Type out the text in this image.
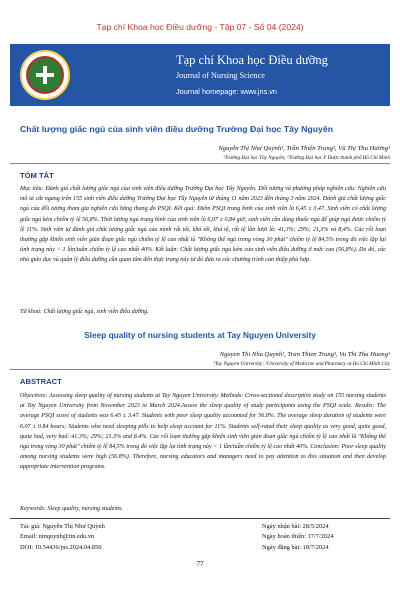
Tạp chí Khoa học Điều dưỡng - Tập 07 - Số 04 (2024)
Tạp chí Khoa học Điều dưỡng
Journal of Nursing Science
Journal homepage: www.jns.vn
Chất lượng giấc ngủ của sinh viên điều dưỡng Trường Đại học Tây Nguyên
Nguyễn Thị Như Quỳnh¹, Trần Thiện Trung², Vũ Thị Thu Hương¹
¹Trường Đại học Tây Nguyên; ²Trường Đại học Y Dược thành phố Hồ Chí Minh
TÓM TẮT
Mục tiêu: Đánh giá chất lượng giấc ngủ của sinh viên điều dưỡng Trường Đại học Tây Nguyên. Đối tượng và phương pháp nghiên cứu: Nghiên cứu mô tả cắt ngang trên 155 sinh viên điều dưỡng Trường Đại học Tây Nguyên từ tháng 11 năm 2023 đến tháng 3 năm 2024. Đánh giá chất lượng giấc ngủ của đối tượng tham gia nghiên cứu bằng thang đo PSQI. Kết quả: Điểm PSQI trung bình của sinh viên là 6,45 ± 3,47. Sinh viên có chất lượng giấc ngủ kém chiếm tỷ lệ 56,8%. Thời lượng ngủ trung bình của sinh viên là 6,07 ± 0,84 giờ; sinh viên cần dùng thuốc ngủ để giúp ngủ được chiếm tỷ lệ 11%. Sinh viên tự đánh giá chất lượng giấc ngủ của mình rất tốt, khá tốt, khá tệ, rất tệ lần lượt là: 41,3%; 29%; 21,3% và 8,4%. Các rối loạn thường gặp khiến sinh viên gián đoạn giấc ngủ chiếm tỷ lệ cao nhất là "Không thể ngủ trong vòng 30 phút" chiếm tỷ lệ 84,5% trong đó việc lặp lại tình trạng này < 1 lần/tuần chiếm tỷ lệ cao nhất 40%. Kết luận: Chất lượng giấc ngủ kém của sinh viên điều dưỡng ở mức cao (56,8%). Do đó, các nhà giáo dục và quản lý điều dưỡng cần quan tâm đến thực trạng này từ đó đưa ra các chương trình can thiệp phù hợp.
Từ khoá: Chất lượng giấc ngủ, sinh viên điều dưỡng.
Sleep quality of nursing students at Tay Nguyen University
Nguyen Thi Nhu Quynh¹, Tran Thien Trung², Vu Thi Thu Huong¹
¹Tay Nguyen University; ²University of Medicine and Pharmacy at Ho Chi Minh City
ABSTRACT
Objectives: Assessing sleep quality of nursing students at Tay Nguyen University. Methods: Cross-sectional descriptive study on 155 nursing students at Tay Nguyen University from November 2023 to March 2024.Assess the sleep quality of study participants using the PSQI scale. Results: The average PSQI score of students was 6.45 ± 3.47. Students with poor sleep quality accounted for 56.8%. The average sleep duration of students were 6.07 ± 0.84 hours; Students who need sleeping pills to help sleep account for 11%. Students self-rated their sleep quality as very good, quite good, quite bad, very bad: 41.3%; 29%; 21.3% and 8.4%. Các rối loạn thường gặp khiến sinh viên gián đoạn giấc ngủ chiếm tỷ lệ cao nhất là "Không thể ngủ trong vòng 30 phút" chiếm tỷ lệ 84,5% trong đó việc lặp lại tình trạng này < 1 lần/tuần chiếm tỷ lệ cao nhất 40%. Conclusion: Poor sleep quality among nursing students were high (56.8%). Therefore, nursing educators and managers need to pay attention to this situation and then develop appropriate intervention programs.
Keywords: Sleep quality, nursing students.
Tác giả: Nguyễn Thị Như Quỳnh
Email: ntnquynh@ttn.edu.vn
DOI: 10.54436/jns.2024.04.850
Ngày nhận bài: 28/5/2024
Ngày hoàn thiện: 17/7/2024
Ngày đăng bài: 18/7/2024
77
